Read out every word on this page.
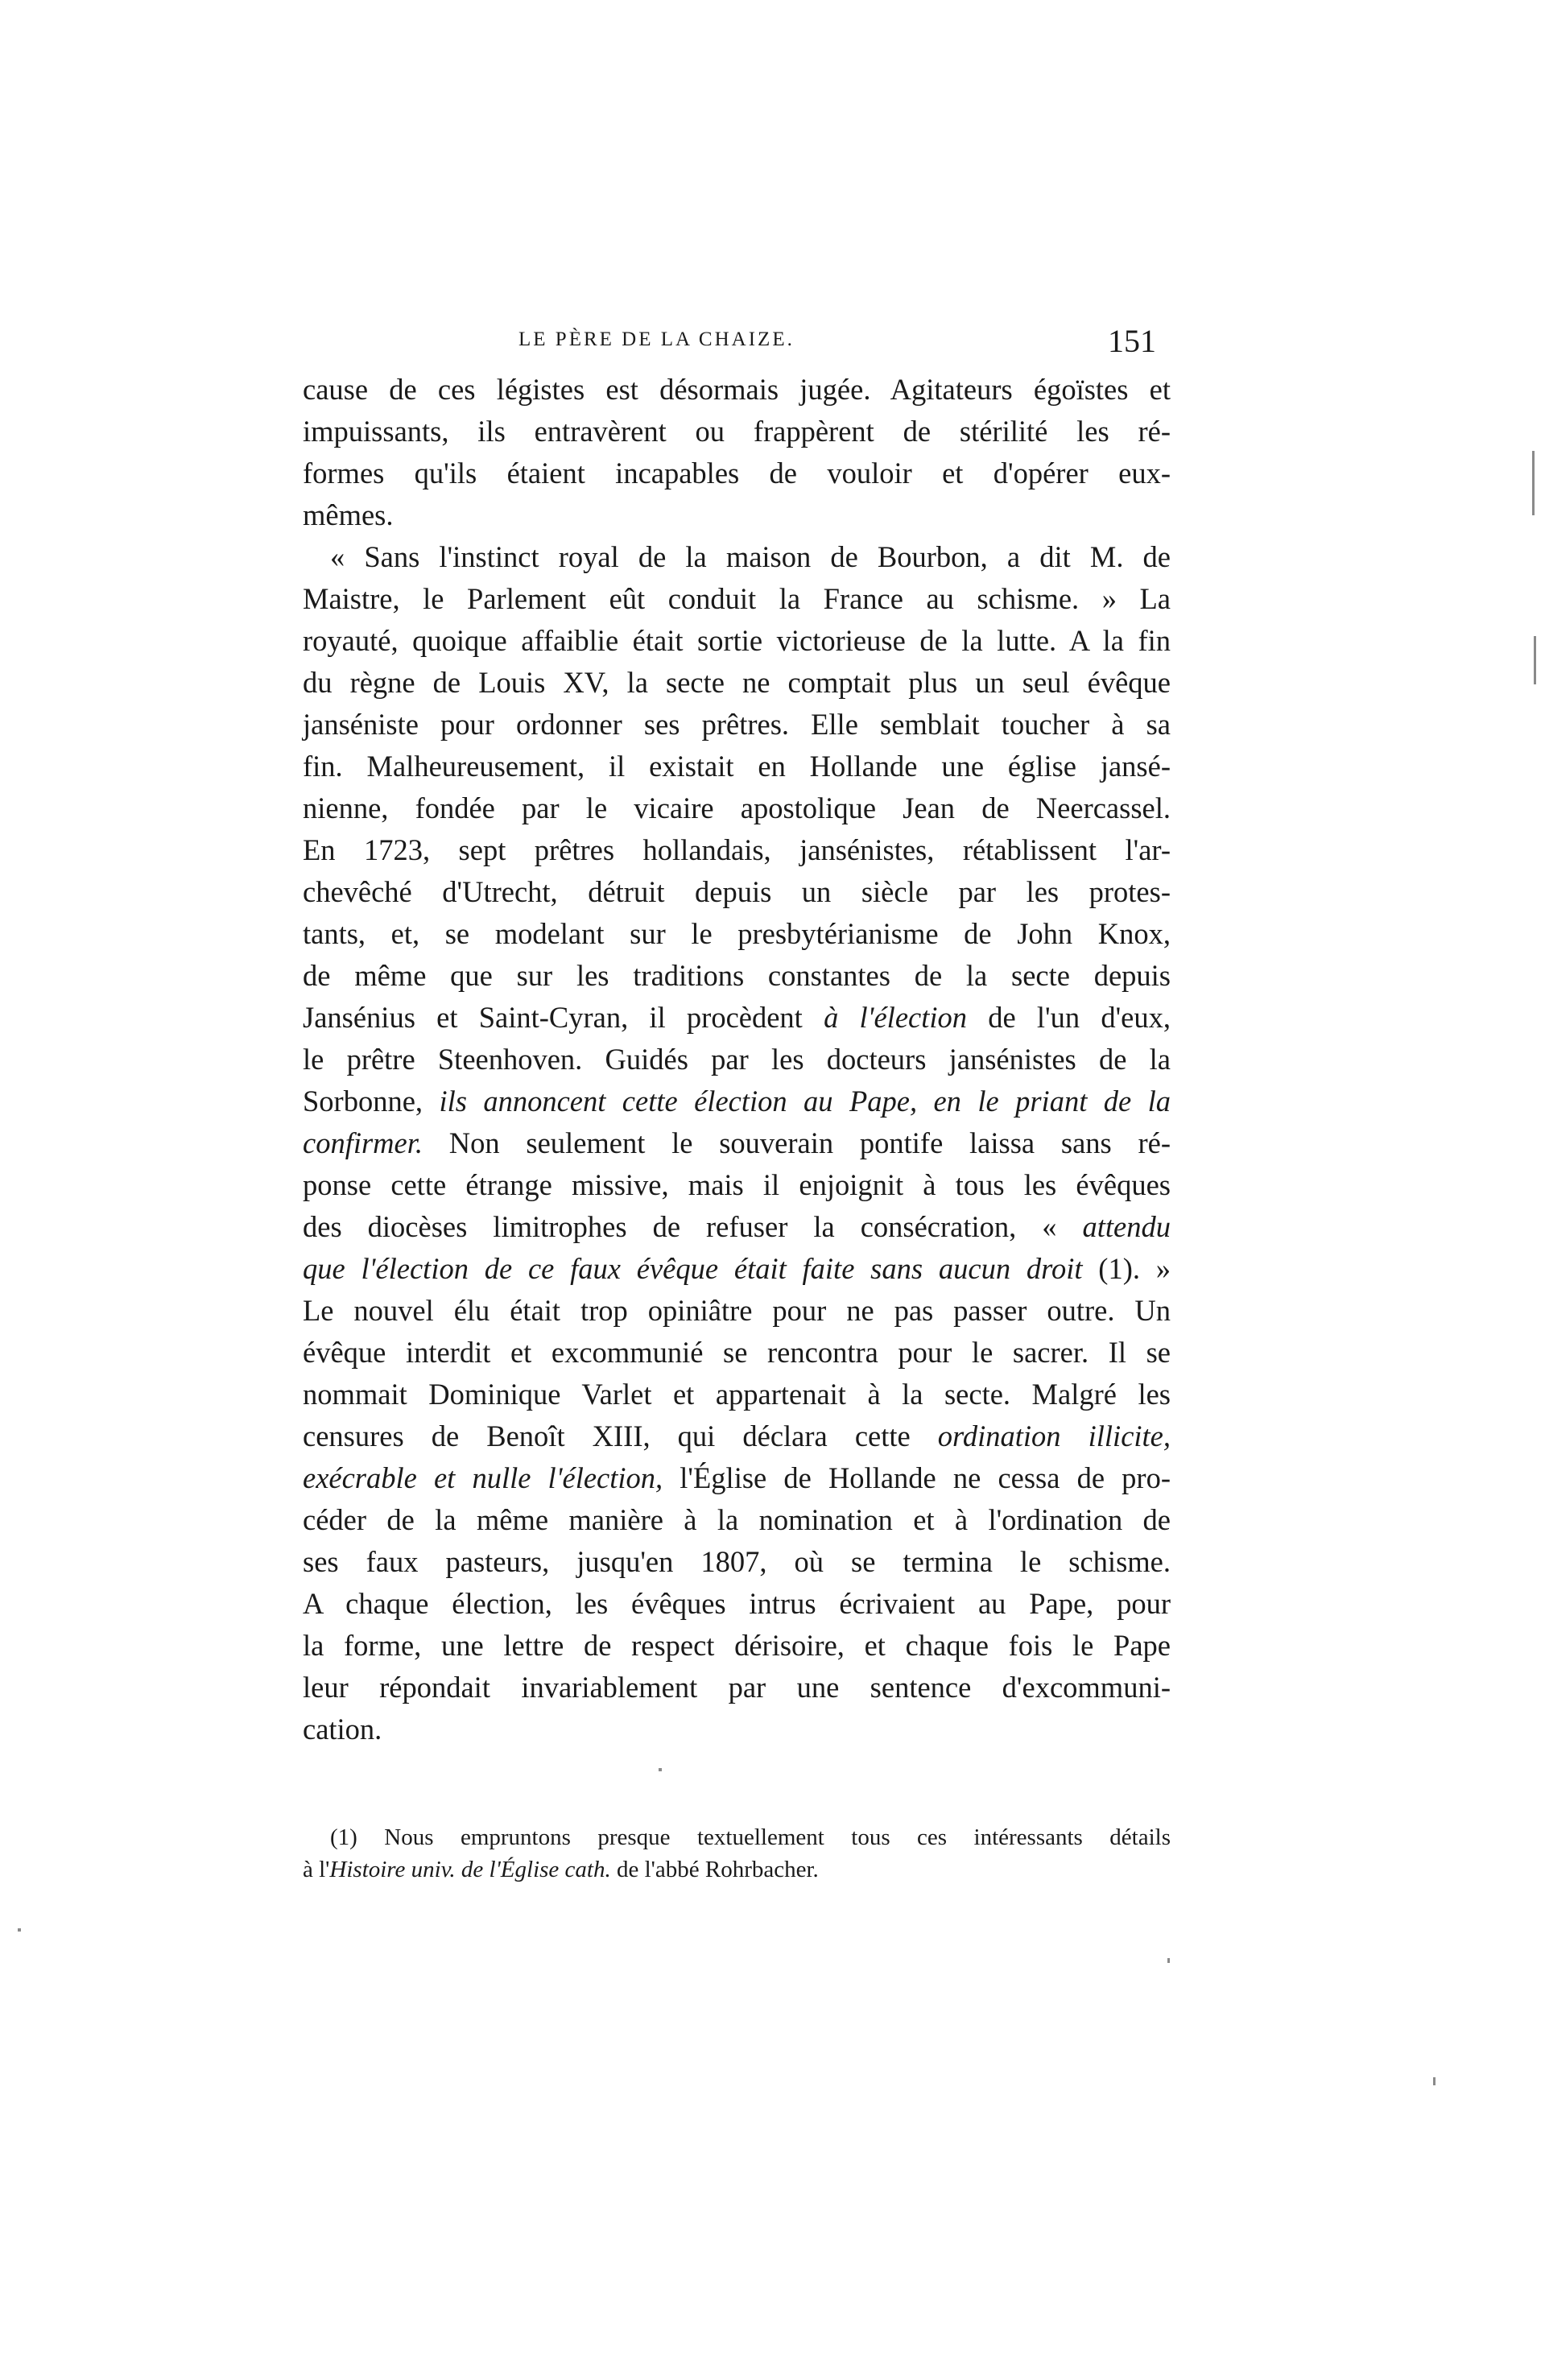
LE PÈRE DE LA CHAIZE.	151
cause de ces légistes est désormais jugée. Agitateurs égoïstes et
impuissants, ils entravèrent ou frappèrent de stérilité les ré-
formes qu'ils étaient incapables de vouloir et d'opérer eux-
mêmes.
« Sans l'instinct royal de la maison de Bourbon, a dit M. de
Maistre, le Parlement eût conduit la France au schisme. » La
royauté, quoique affaiblie était sortie victorieuse de la lutte. A la fin
du règne de Louis XV, la secte ne comptait plus un seul évêque
janséniste pour ordonner ses prêtres. Elle semblait toucher à sa
fin. Malheureusement, il existait en Hollande une église jansé-
nienne, fondée par le vicaire apostolique Jean de Neercassel.
En 1723, sept prêtres hollandais, jansénistes, rétablissent l'ar-
chevêché d'Utrecht, détruit depuis un siècle par les protes-
tants, et, se modelant sur le presbytérianisme de John Knox,
de même que sur les traditions constantes de la secte depuis
Jansénius et Saint-Cyran, il procèdent à l'élection de l'un d'eux,
le prêtre Steenhoven. Guidés par les docteurs jansénistes de la
Sorbonne, ils annoncent cette élection au Pape, en le priant de la
confirmer. Non seulement le souverain pontife laissa sans ré-
ponse cette étrange missive, mais il enjoignit à tous les évêques
des diocèses limitrophes de refuser la consécration, « attendu
que l'élection de ce faux évêque était faite sans aucun droit (1). »
Le nouvel élu était trop opiniâtre pour ne pas passer outre. Un
évêque interdit et excommunié se rencontra pour le sacrer. Il se
nommait Dominique Varlet et appartenait à la secte. Malgré les
censures de Benoît XIII, qui déclara cette ordination illicite,
exécrable et nulle l'élection, l'Église de Hollande ne cessa de pro-
céder de la même manière à la nomination et à l'ordination de
ses faux pasteurs, jusqu'en 1807, où se termina le schisme.
A chaque élection, les évêques intrus écrivaient au Pape, pour
la forme, une lettre de respect dérisoire, et chaque fois le Pape
leur répondait invariablement par une sentence d'excommuni-
cation.
(1) Nous empruntons presque textuellement tous ces intéressants détails
à l'Histoire univ. de l'Église cath. de l'abbé Rohrbacher.
